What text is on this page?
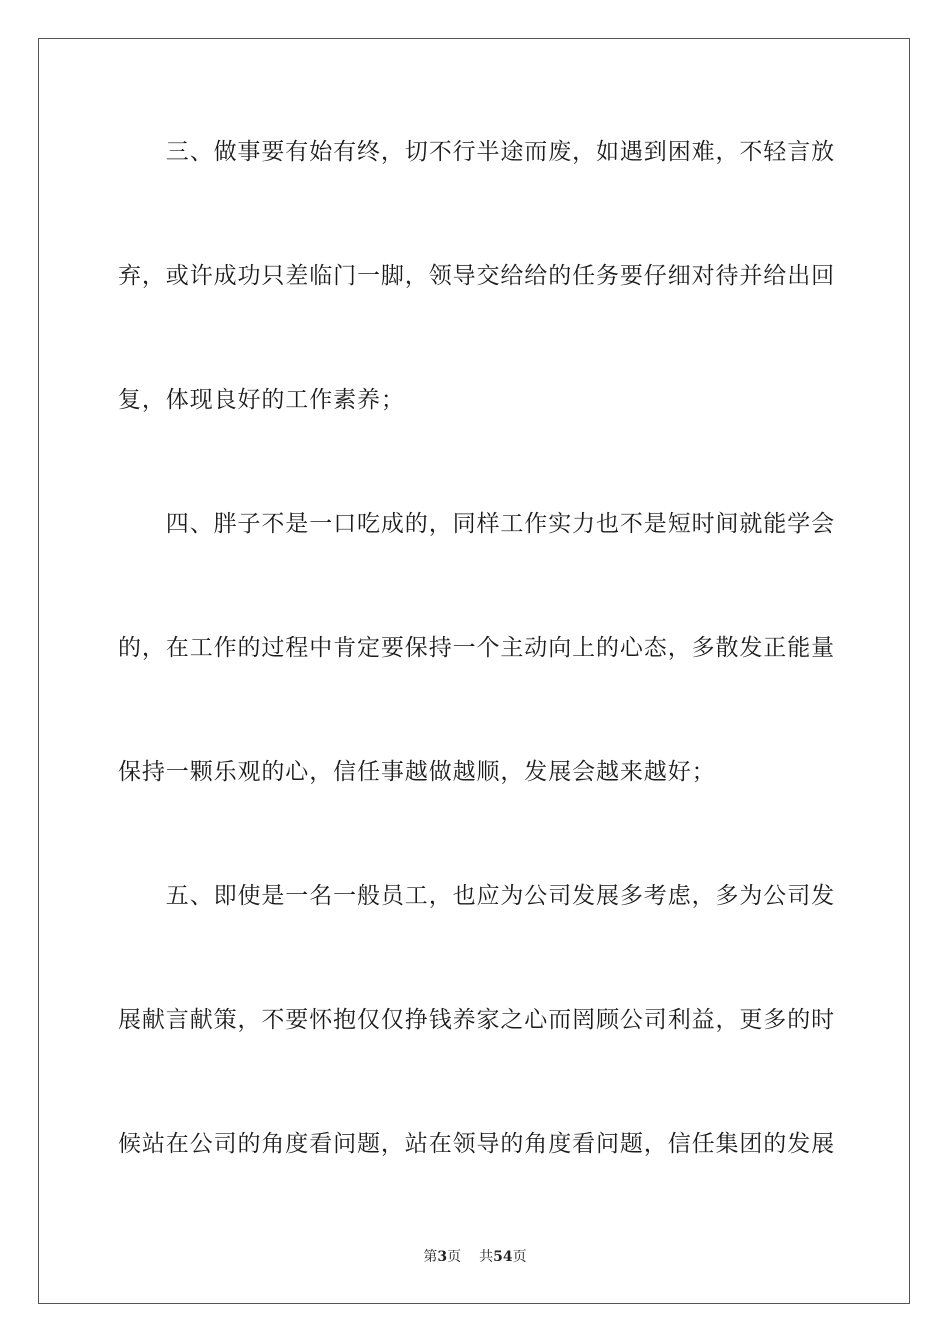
　　三、做事要有始有终，切不行半途而废，如遇到困难，不轻言放
弃，或许成功只差临门一脚，领导交给给的任务要仔细对待并给出回
复，体现良好的工作素养；
　　四、胖子不是一口吃成的，同样工作实力也不是短时间就能学会
的，在工作的过程中肯定要保持一个主动向上的心态，多散发正能量
保持一颗乐观的心，信任事越做越顺，发展会越来越好；
　　五、即使是一名一般员工，也应为公司发展多考虑，多为公司发
展献言献策，不要怀抱仅仅挣钱养家之心而罔顾公司利益，更多的时
候站在公司的角度看问题，站在领导的角度看问题，信任集团的发展
第3页 共54页
